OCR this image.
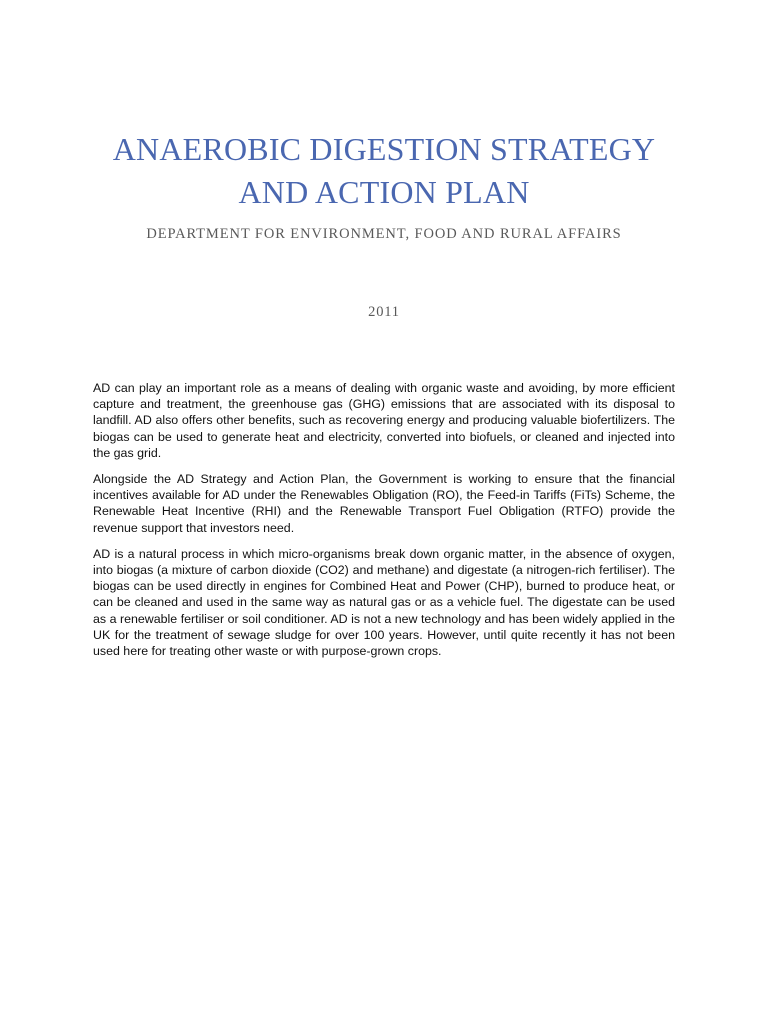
ANAEROBIC DIGESTION STRATEGY
AND ACTION PLAN
DEPARTMENT FOR ENVIRONMENT, FOOD AND RURAL AFFAIRS
2011

AD can play an important role as a means of dealing with organic waste and avoiding, by more efficient capture and treatment, the greenhouse gas (GHG) emissions that are associated with its disposal to landfill. AD also offers other benefits, such as recovering energy and producing valuable biofertilizers. The biogas can be used to generate heat and electricity, converted into biofuels, or cleaned and injected into the gas grid.

Alongside the AD Strategy and Action Plan, the Government is working to ensure that the financial incentives available for AD under the Renewables Obligation (RO), the Feed-in Tariffs (FiTs) Scheme, the Renewable Heat Incentive (RHI) and the Renewable Transport Fuel Obligation (RTFO) provide the revenue support that investors need.

AD is a natural process in which micro-organisms break down organic matter, in the absence of oxygen, into biogas (a mixture of carbon dioxide (CO2) and methane) and digestate (a nitrogen-rich fertiliser). The biogas can be used directly in engines for Combined Heat and Power (CHP), burned to produce heat, or can be cleaned and used in the same way as natural gas or as a vehicle fuel. The digestate can be used as a renewable fertiliser or soil conditioner. AD is not a new technology and has been widely applied in the UK for the treatment of sewage sludge for over 100 years. However, until quite recently it has not been used here for treating other waste or with purpose-grown crops.
